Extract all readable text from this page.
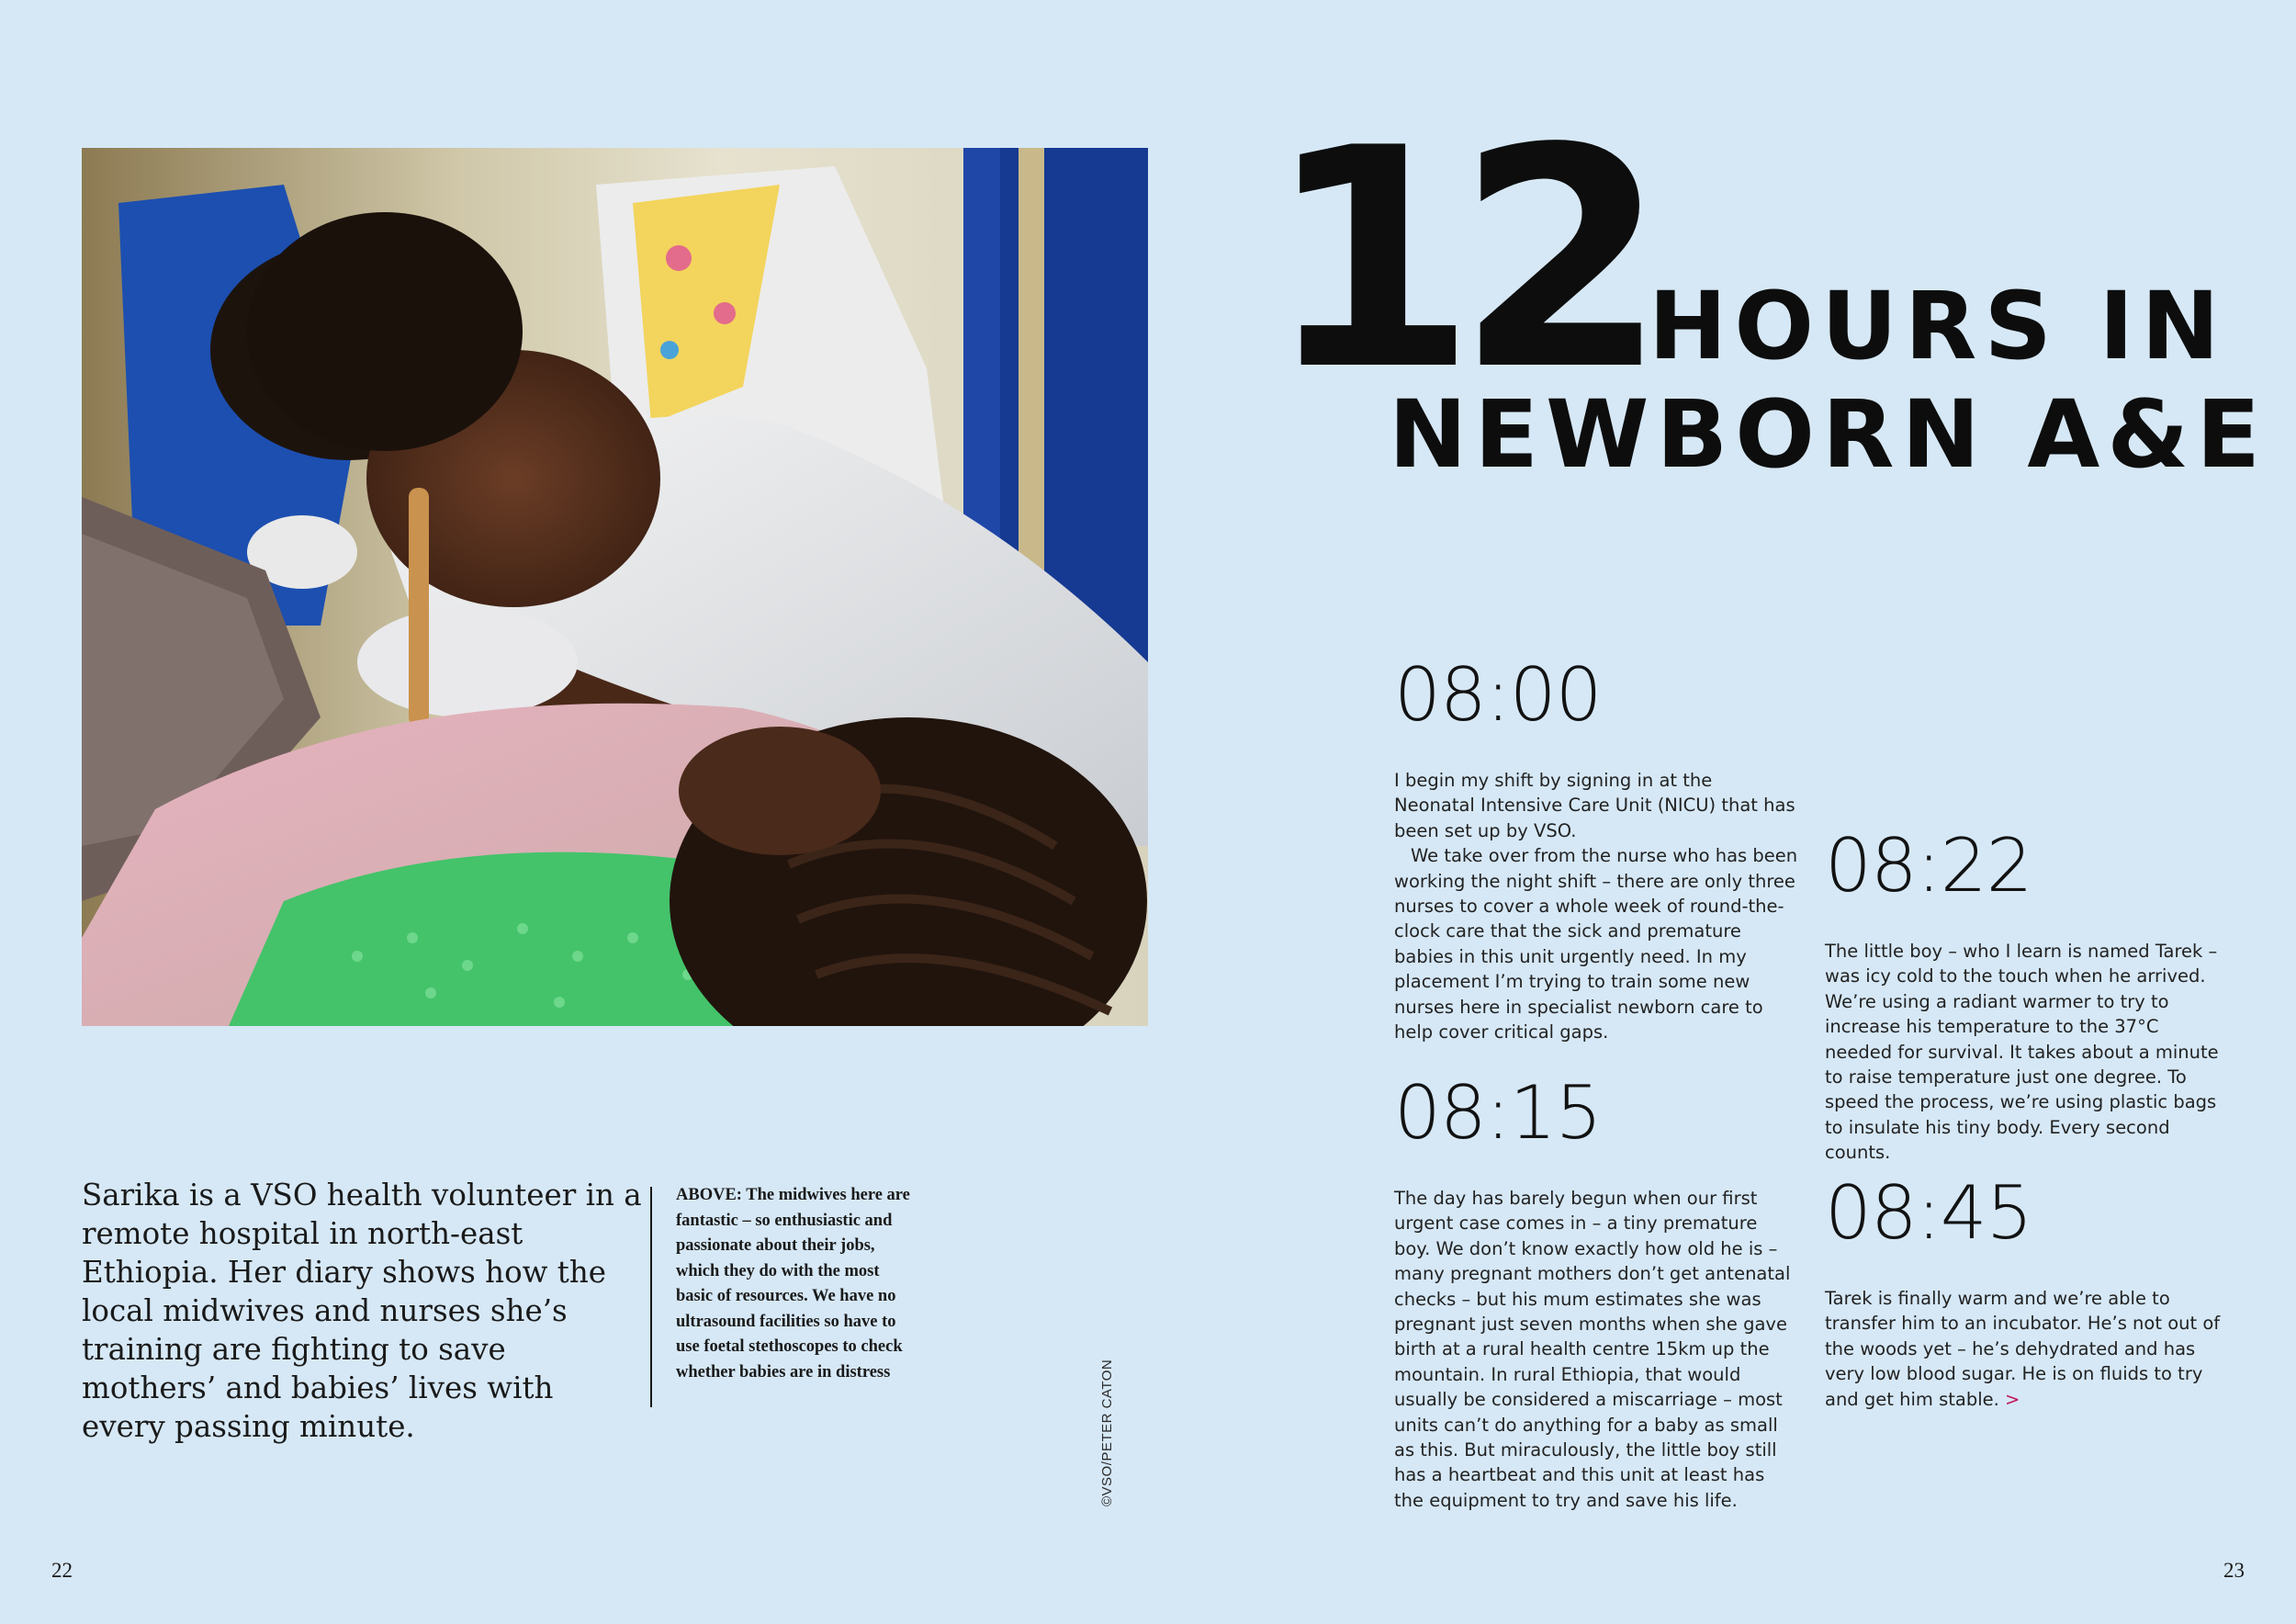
Sarika is a VSO health volunteer in a remote hospital in north-east Ethiopia. Her diary shows how the local midwives and nurses she’s training are fighting to save mothers’ and babies’ lives with every passing minute.
ABOVE: The midwives here are fantastic – so enthusiastic and passionate about their jobs, which they do with the most basic of resources. We have no ultrasound facilities so have to use foetal stethoscopes to check whether babies are in distress	©VSO/PETER CATON
22	23
12 HOURS IN
NEWBORN A&E
08:00

I begin my shift by signing in at the Neonatal Intensive Care Unit (NICU) that has been set up by VSO.

We take over from the nurse who has been working the night shift – there are only three nurses to cover a whole week of round-the-clock care that the sick and premature babies in this unit urgently need. In my placement I’m trying to train some new nurses here in specialist newborn care to help cover critical gaps.

08:15

The day has barely begun when our first urgent case comes in – a tiny premature boy. We don’t know exactly how old he is – many pregnant mothers don’t get antenatal checks – but his mum estimates she was pregnant just seven months when she gave birth at a rural health centre 15km up the mountain. In rural Ethiopia, that would usually be considered a miscarriage – most units can’t do anything for a baby as small as this. But miraculously, the little boy still has a heartbeat and this unit at least has the equipment to try and save his life.

08:22

The little boy – who I learn is named Tarek – was icy cold to the touch when he arrived. We’re using a radiant warmer to try to increase his temperature to the 37°C needed for survival. It takes about a minute to raise temperature just one degree. To speed the process, we’re using plastic bags to insulate his tiny body. Every second counts.

08:45

Tarek is finally warm and we’re able to transfer him to an incubator. He’s not out of the woods yet – he’s dehydrated and has very low blood sugar. He is on fluids to try and get him stable. >
